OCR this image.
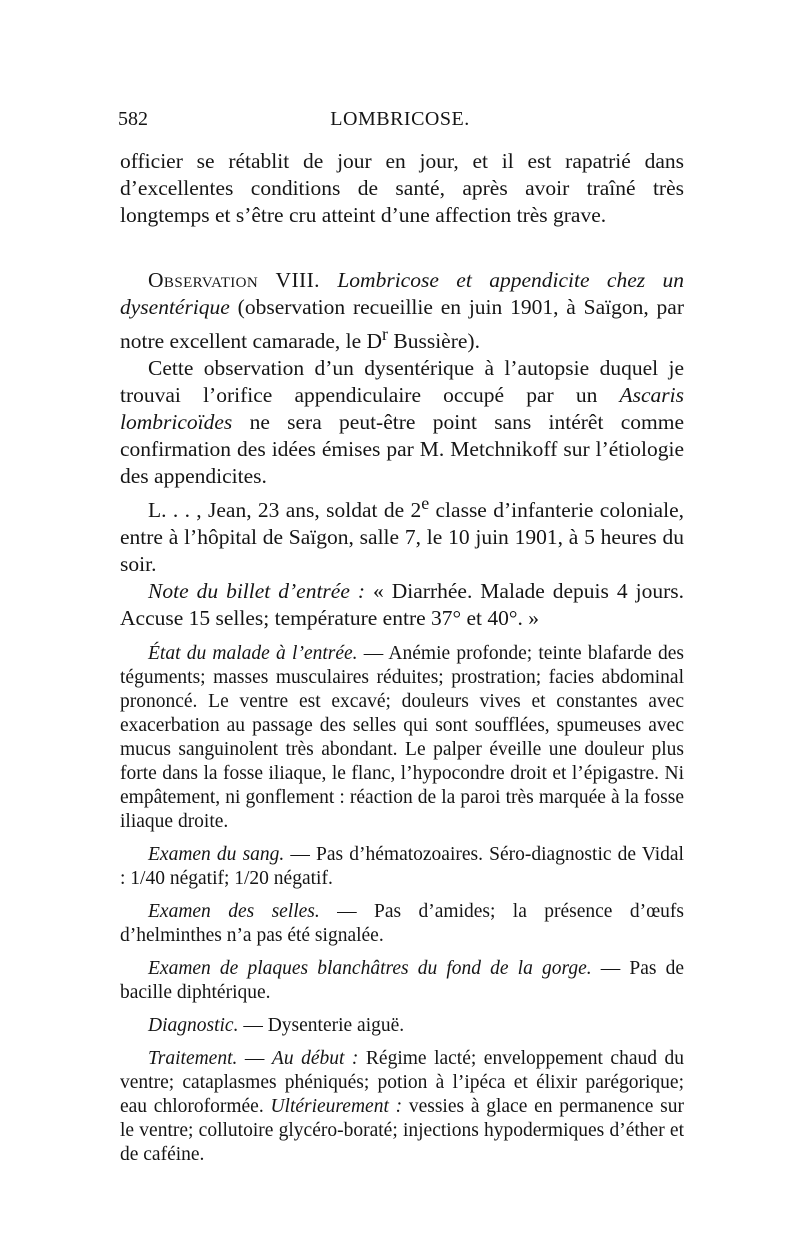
582	LOMBRICOSE.

officier se rétablit de jour en jour, et il est rapatrié dans d’excellentes conditions de santé, après avoir traîné très longtemps et s’être cru atteint d’une affection très grave.

Observation VIII. Lombricose et appendicite chez un dysentérique (observation recueillie en juin 1901, à Saïgon, par notre excellent camarade, le $D^r$ Bussière).

Cette observation d’un dysentérique à l’autopsie duquel je trouvai l’orifice appendiculaire occupé par un Ascaris lombricoïdes ne sera peut-être point sans intérêt comme confirmation des idées émises par M. Metchnikoff sur l’étiologie des appendicites.

L. . . , Jean, 23 ans, soldat de 2e classe d’infanterie coloniale, entre à l’hôpital de Saïgon, salle 7, le 10 juin 1901, à 5 heures du soir.

Note du billet d’entrée : « Diarrhée. Malade depuis 4 jours. Accuse 15 selles; température entre 37° et 40°. »

État du malade à l’entrée. — Anémie profonde; teinte blafarde des téguments; masses musculaires réduites; prostration; facies abdominal prononcé. Le ventre est excavé; douleurs vives et constantes avec exacerbation au passage des selles qui sont soufflées, spumeuses avec mucus sanguinolent très abondant. Le palper éveille une douleur plus forte dans la fosse iliaque, le flanc, l’hypocondre droit et l’épigastre. Ni empâtement, ni gonflement : réaction de la paroi très marquée à la fosse iliaque droite.

Examen du sang. — Pas d’hématozoaires. Séro-diagnostic de Vidal : 1/40 négatif; 1/20 négatif.

Examen des selles. — Pas d’amides; la présence d’œufs d’helminthes n’a pas été signalée.

Examen de plaques blanchâtres du fond de la gorge. — Pas de bacille diphtérique.

Diagnostic. — Dysenterie aiguë.

Traitement. — Au début : Régime lacté; enveloppement chaud du ventre; cataplasmes phéniqués; potion à l’ipéca et élixir parégorique; eau chloroformée. Ultérieurement : vessies à glace en permanence sur le ventre; collutoire glycéro-boraté; injections hypodermiques d’éther et de caféine.
